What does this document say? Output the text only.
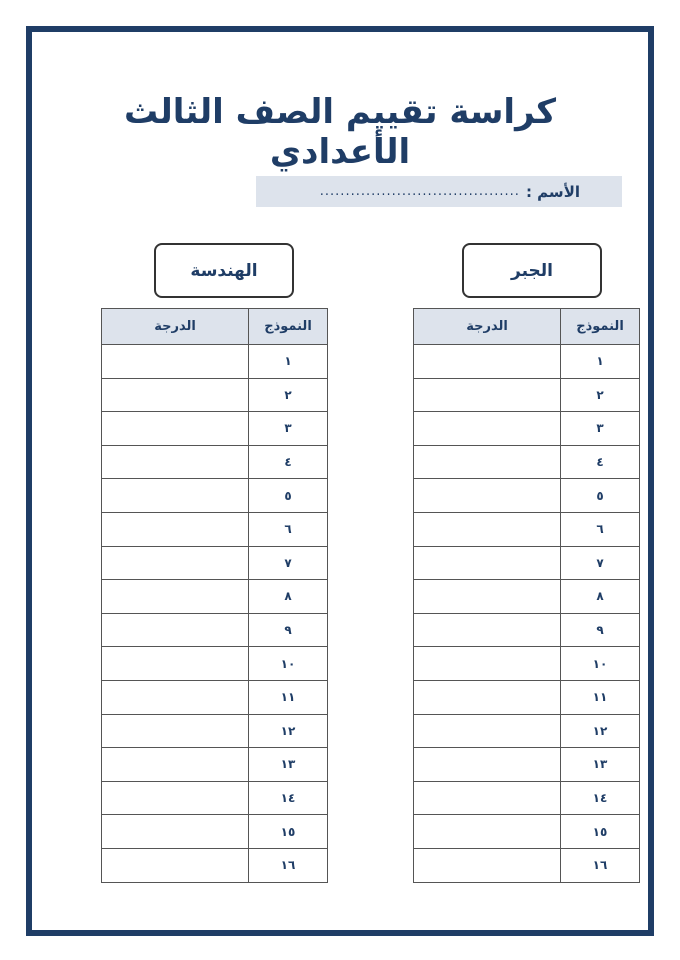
كراسة تقييم الصف الثالث الأعدادي
الأسم :
.......................................
الجبر
النموذج	الدرجة
١	
٢	
٣	
٤	
٥	
٦	
٧	
٨	
٩	
١٠	
١١	
١٢	
١٣	
١٤	
١٥	
١٦	
الهندسة
النموذج	الدرجة
١	
٢	
٣	
٤	
٥	
٦	
٧	
٨	
٩	
١٠	
١١	
١٢	
١٣	
١٤	
١٥	
١٦	
